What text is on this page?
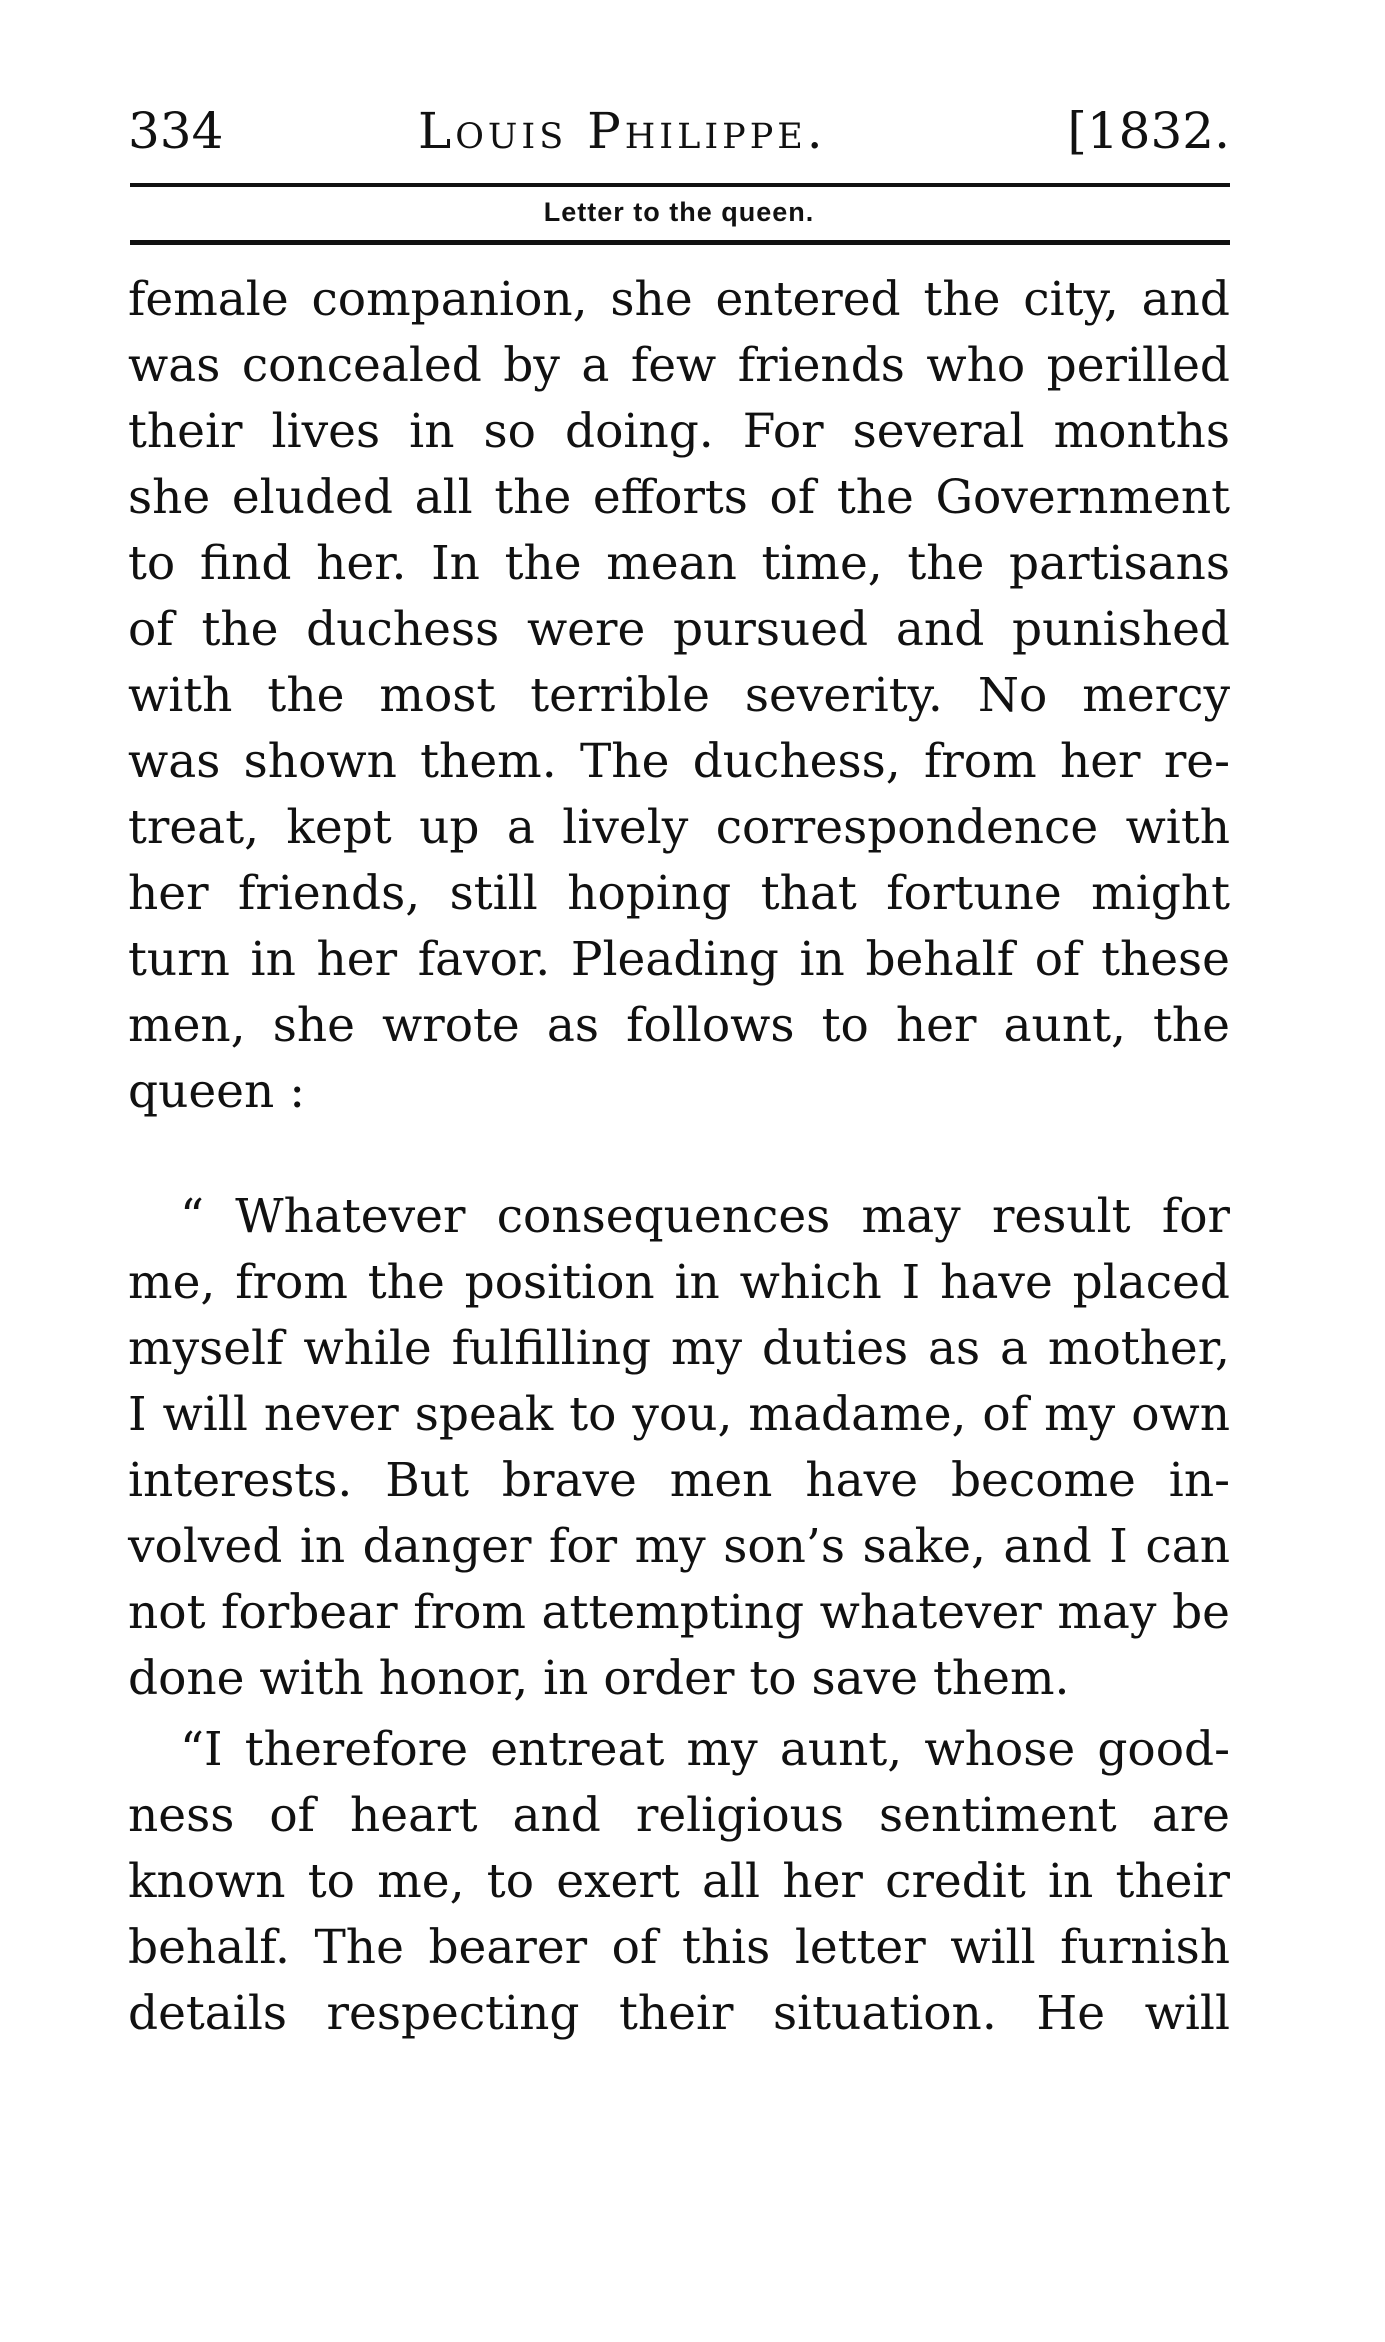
334	Louis Philippe.	[1832.
Letter to the queen.
female companion, she entered the city, and
was concealed by a few friends who perilled
their lives in so doing. For several months
she eluded all the efforts of the Government
to find her. In the mean time, the partisans
of the duchess were pursued and punished
with the most terrible severity. No mercy
was shown them. The duchess, from her re-
treat, kept up a lively correspondence with
her friends, still hoping that fortune might
turn in her favor. Pleading in behalf of these
men, she wrote as follows to her aunt, the
queen :
“ Whatever consequences may result for
me, from the position in which I have placed
myself while fulfilling my duties as a mother,
I will never speak to you, madame, of my own
interests. But brave men have become in-
volved in danger for my son’s sake, and I can
not forbear from attempting whatever may be
done with honor, in order to save them.
“I therefore entreat my aunt, whose good-
ness of heart and religious sentiment are
known to me, to exert all her credit in their
behalf. The bearer of this letter will furnish
details respecting their situation. He will
